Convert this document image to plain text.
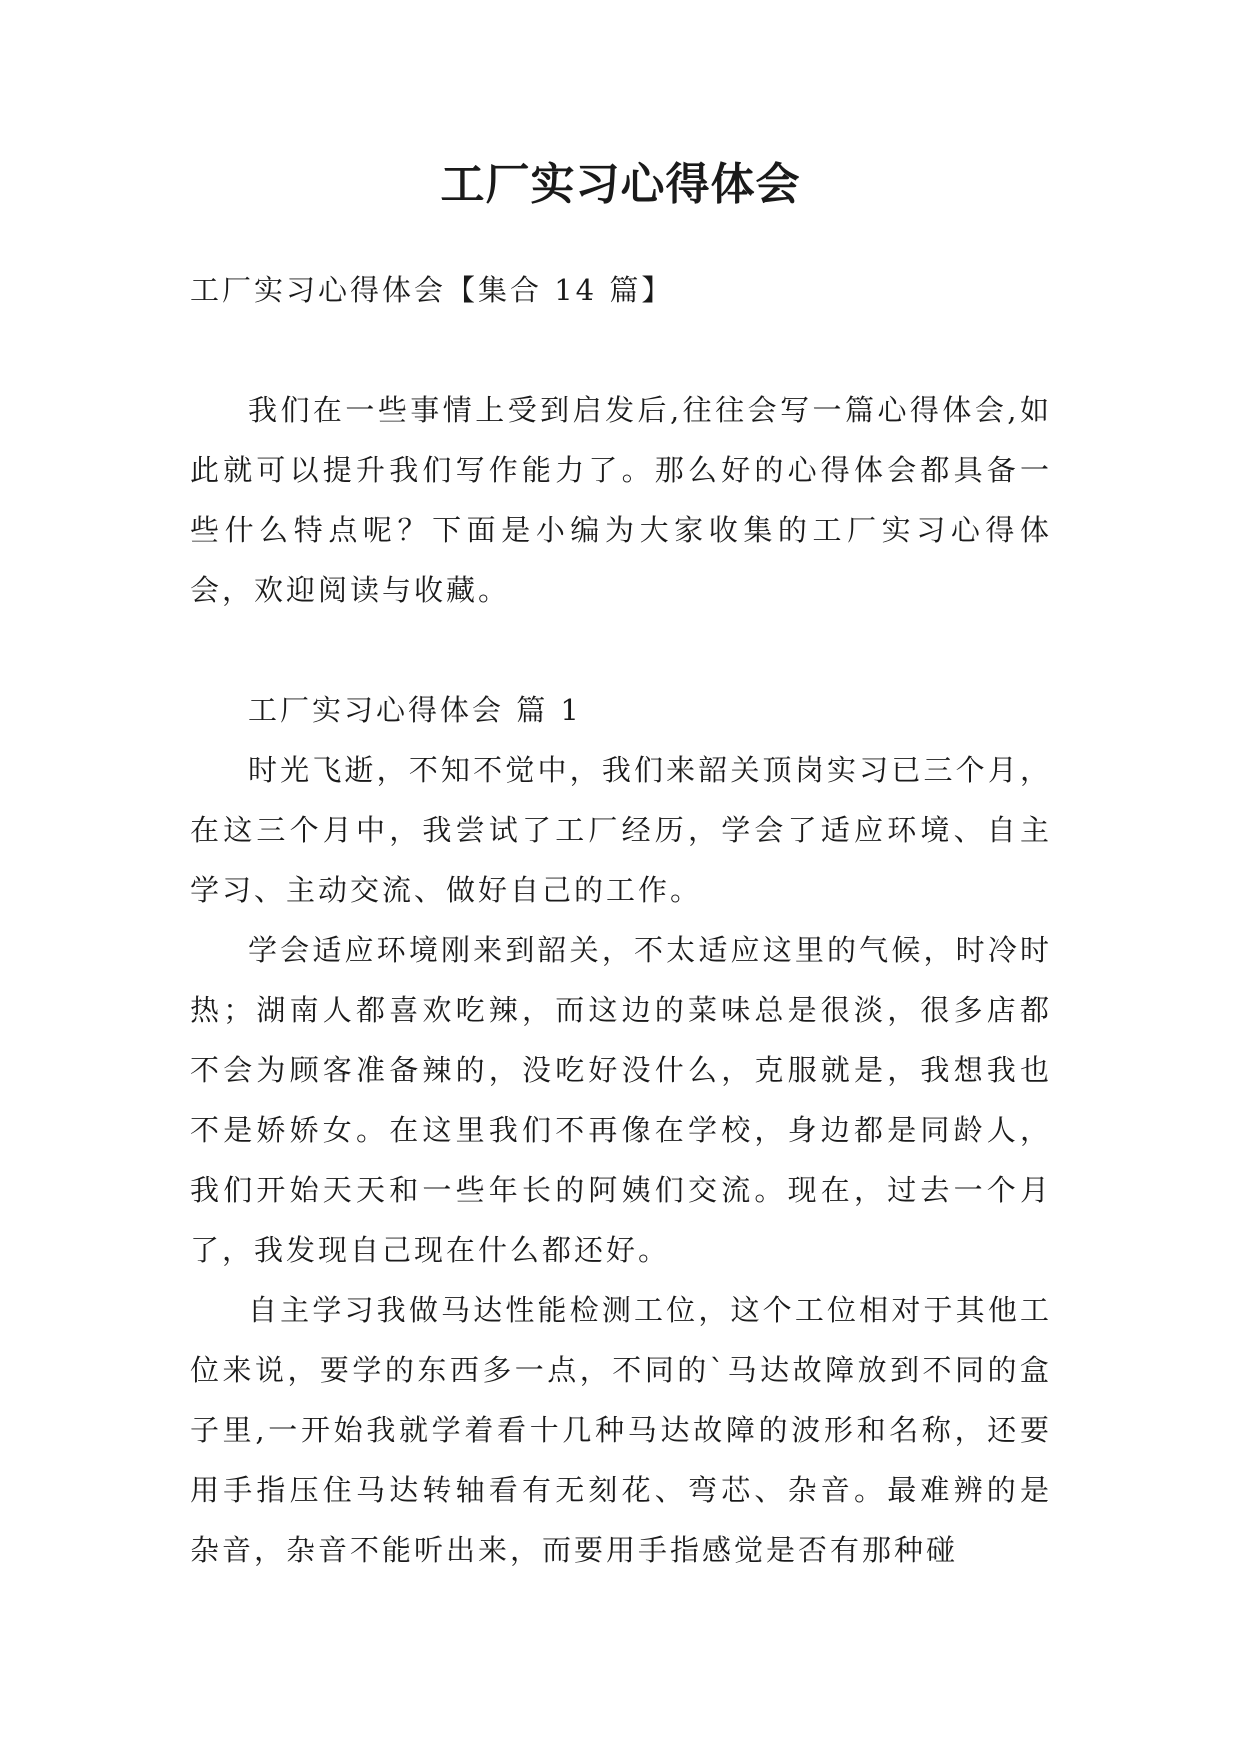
工厂实习心得体会

工厂实习心得体会【集合 14 篇】

我们在一些事情上受到启发后,往往会写一篇心得体会,如此就可以提升我们写作能力了。那么好的心得体会都具备一些什么特点呢？下面是小编为大家收集的工厂实习心得体会，欢迎阅读与收藏。

工厂实习心得体会 篇 1

时光飞逝，不知不觉中，我们来韶关顶岗实习已三个月，在这三个月中，我尝试了工厂经历，学会了适应环境、自主学习、主动交流、做好自己的工作。

学会适应环境刚来到韶关，不太适应这里的气候，时冷时热；湖南人都喜欢吃辣，而这边的菜味总是很淡，很多店都不会为顾客准备辣的，没吃好没什么，克服就是，我想我也不是娇娇女。在这里我们不再像在学校，身边都是同龄人，我们开始天天和一些年长的阿姨们交流。现在，过去一个月了，我发现自己现在什么都还好。

自主学习我做马达性能检测工位，这个工位相对于其他工位来说，要学的东西多一点，不同的`马达故障放到不同的盒子里,一开始我就学着看十几种马达故障的波形和名称，还要用手指压住马达转轴看有无刻花、弯芯、杂音。最难辨的是杂音，杂音不能听出来，而要用手指感觉是否有那种碰
